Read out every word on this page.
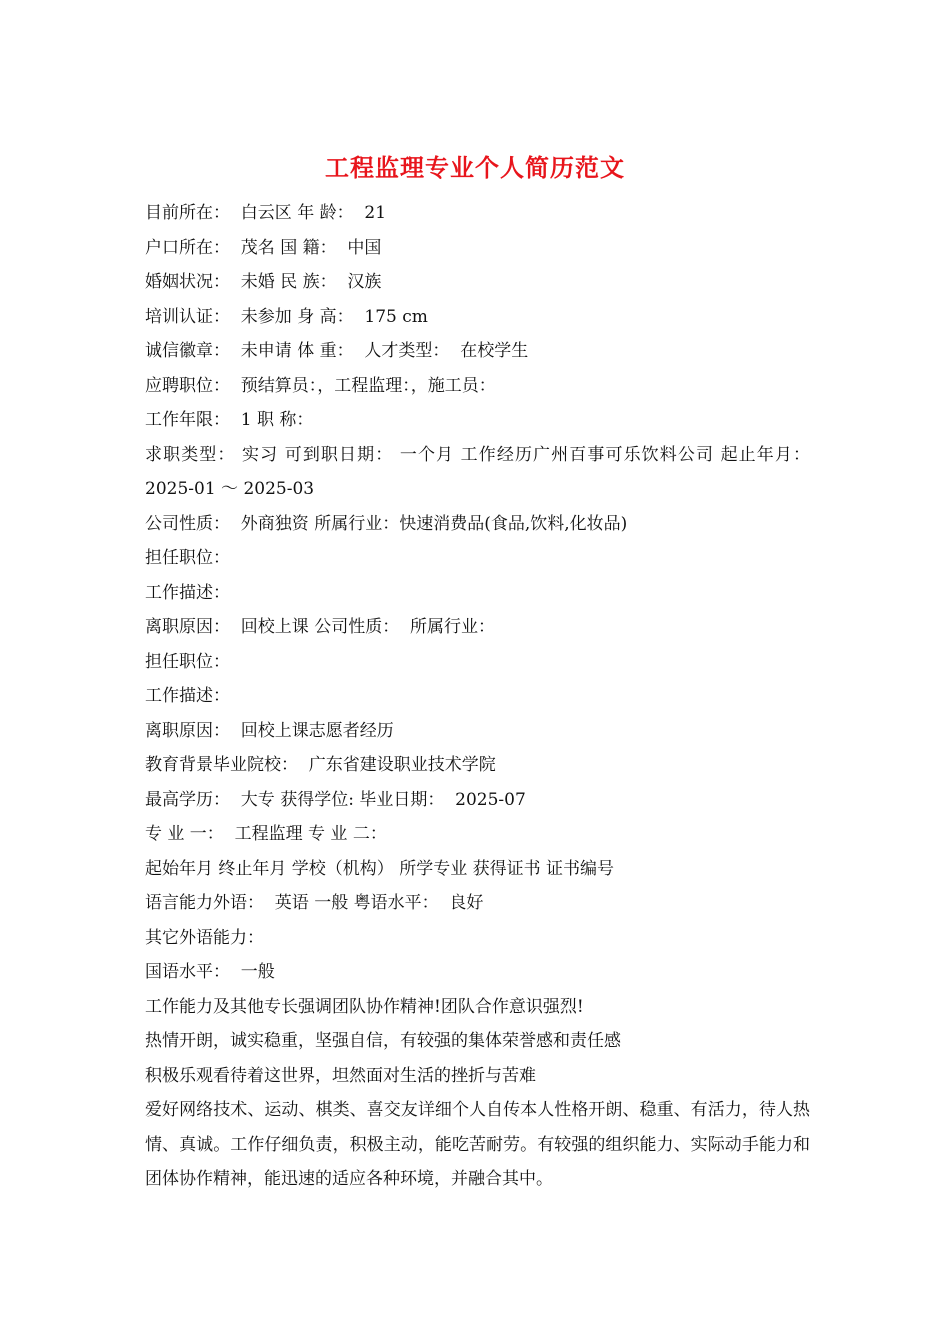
工程监理专业个人简历范文

目前所在：  白云区 年 龄：  21

户口所在：  茂名 国 籍：  中国

婚姻状况：  未婚 民 族：  汉族

培训认证：  未参加 身 高：  175 cm

诚信徽章：  未申请 体 重：  人才类型：  在校学生

应聘职位：  预结算员：，工程监理：，施工员：

工作年限：  1 职 称：

求职类型： 实习 可到职日期： 一个月 工作经历广州百事可乐饮料公司 起止年月：2025-01 ～ 2025-03

公司性质：  外商独资 所属行业：快速消费品(食品,饮料,化妆品)

担任职位：

工作描述：

离职原因：  回校上课 公司性质：  所属行业：

担任职位：

工作描述：

离职原因：  回校上课志愿者经历

教育背景毕业院校：  广东省建设职业技术学院

最高学历：  大专 获得学位: 毕业日期：  2025-07

专 业 一：  工程监理 专 业 二：

起始年月 终止年月 学校（机构） 所学专业 获得证书 证书编号

语言能力外语：  英语 一般 粤语水平：  良好

其它外语能力：

国语水平：  一般

工作能力及其他专长强调团队协作精神!团队合作意识强烈!

热情开朗，诚实稳重，坚强自信，有较强的集体荣誉感和责任感

积极乐观看待着这世界，坦然面对生活的挫折与苦难

爱好网络技术、运动、棋类、喜交友详细个人自传本人性格开朗、稳重、有活力，待人热情、真诚。工作仔细负责，积极主动，能吃苦耐劳。有较强的组织能力、实际动手能力和团体协作精神，能迅速的适应各种环境，并融合其中。
